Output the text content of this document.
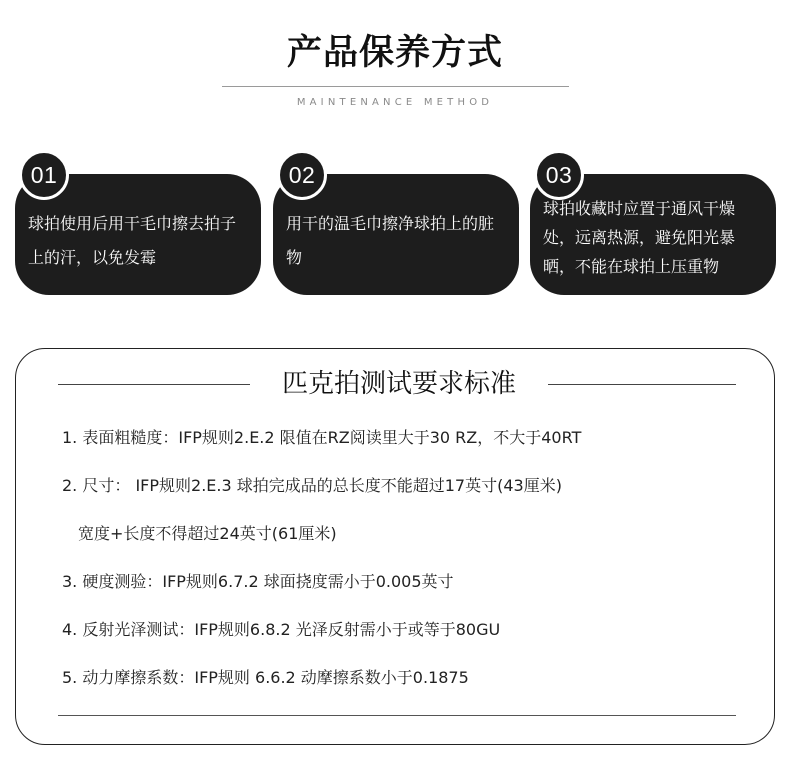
产品保养方式
MAINTENANCE METHOD
01
球拍使用后用干毛巾擦去拍子上的汗，以免发霉
02
用干的温毛巾擦净球拍上的脏物
03
球拍收藏时应置于通风干燥处，远离热源，避免阳光暴晒，不能在球拍上压重物
匹克拍测试要求标准
1. 表面粗糙度：IFP规则2.E.2 限值在RZ阅读里大于30 RZ，不大于40RT
2. 尺寸： IFP规则2.E.3 球拍完成品的总长度不能超过17英寸(43厘米)
宽度+长度不得超过24英寸(61厘米)
3. 硬度测验：IFP规则6.7.2 球面挠度需小于0.005英寸
4. 反射光泽测试：IFP规则6.8.2 光泽反射需小于或等于80GU
5. 动力摩擦系数：IFP规则 6.6.2 动摩擦系数小于0.1875
